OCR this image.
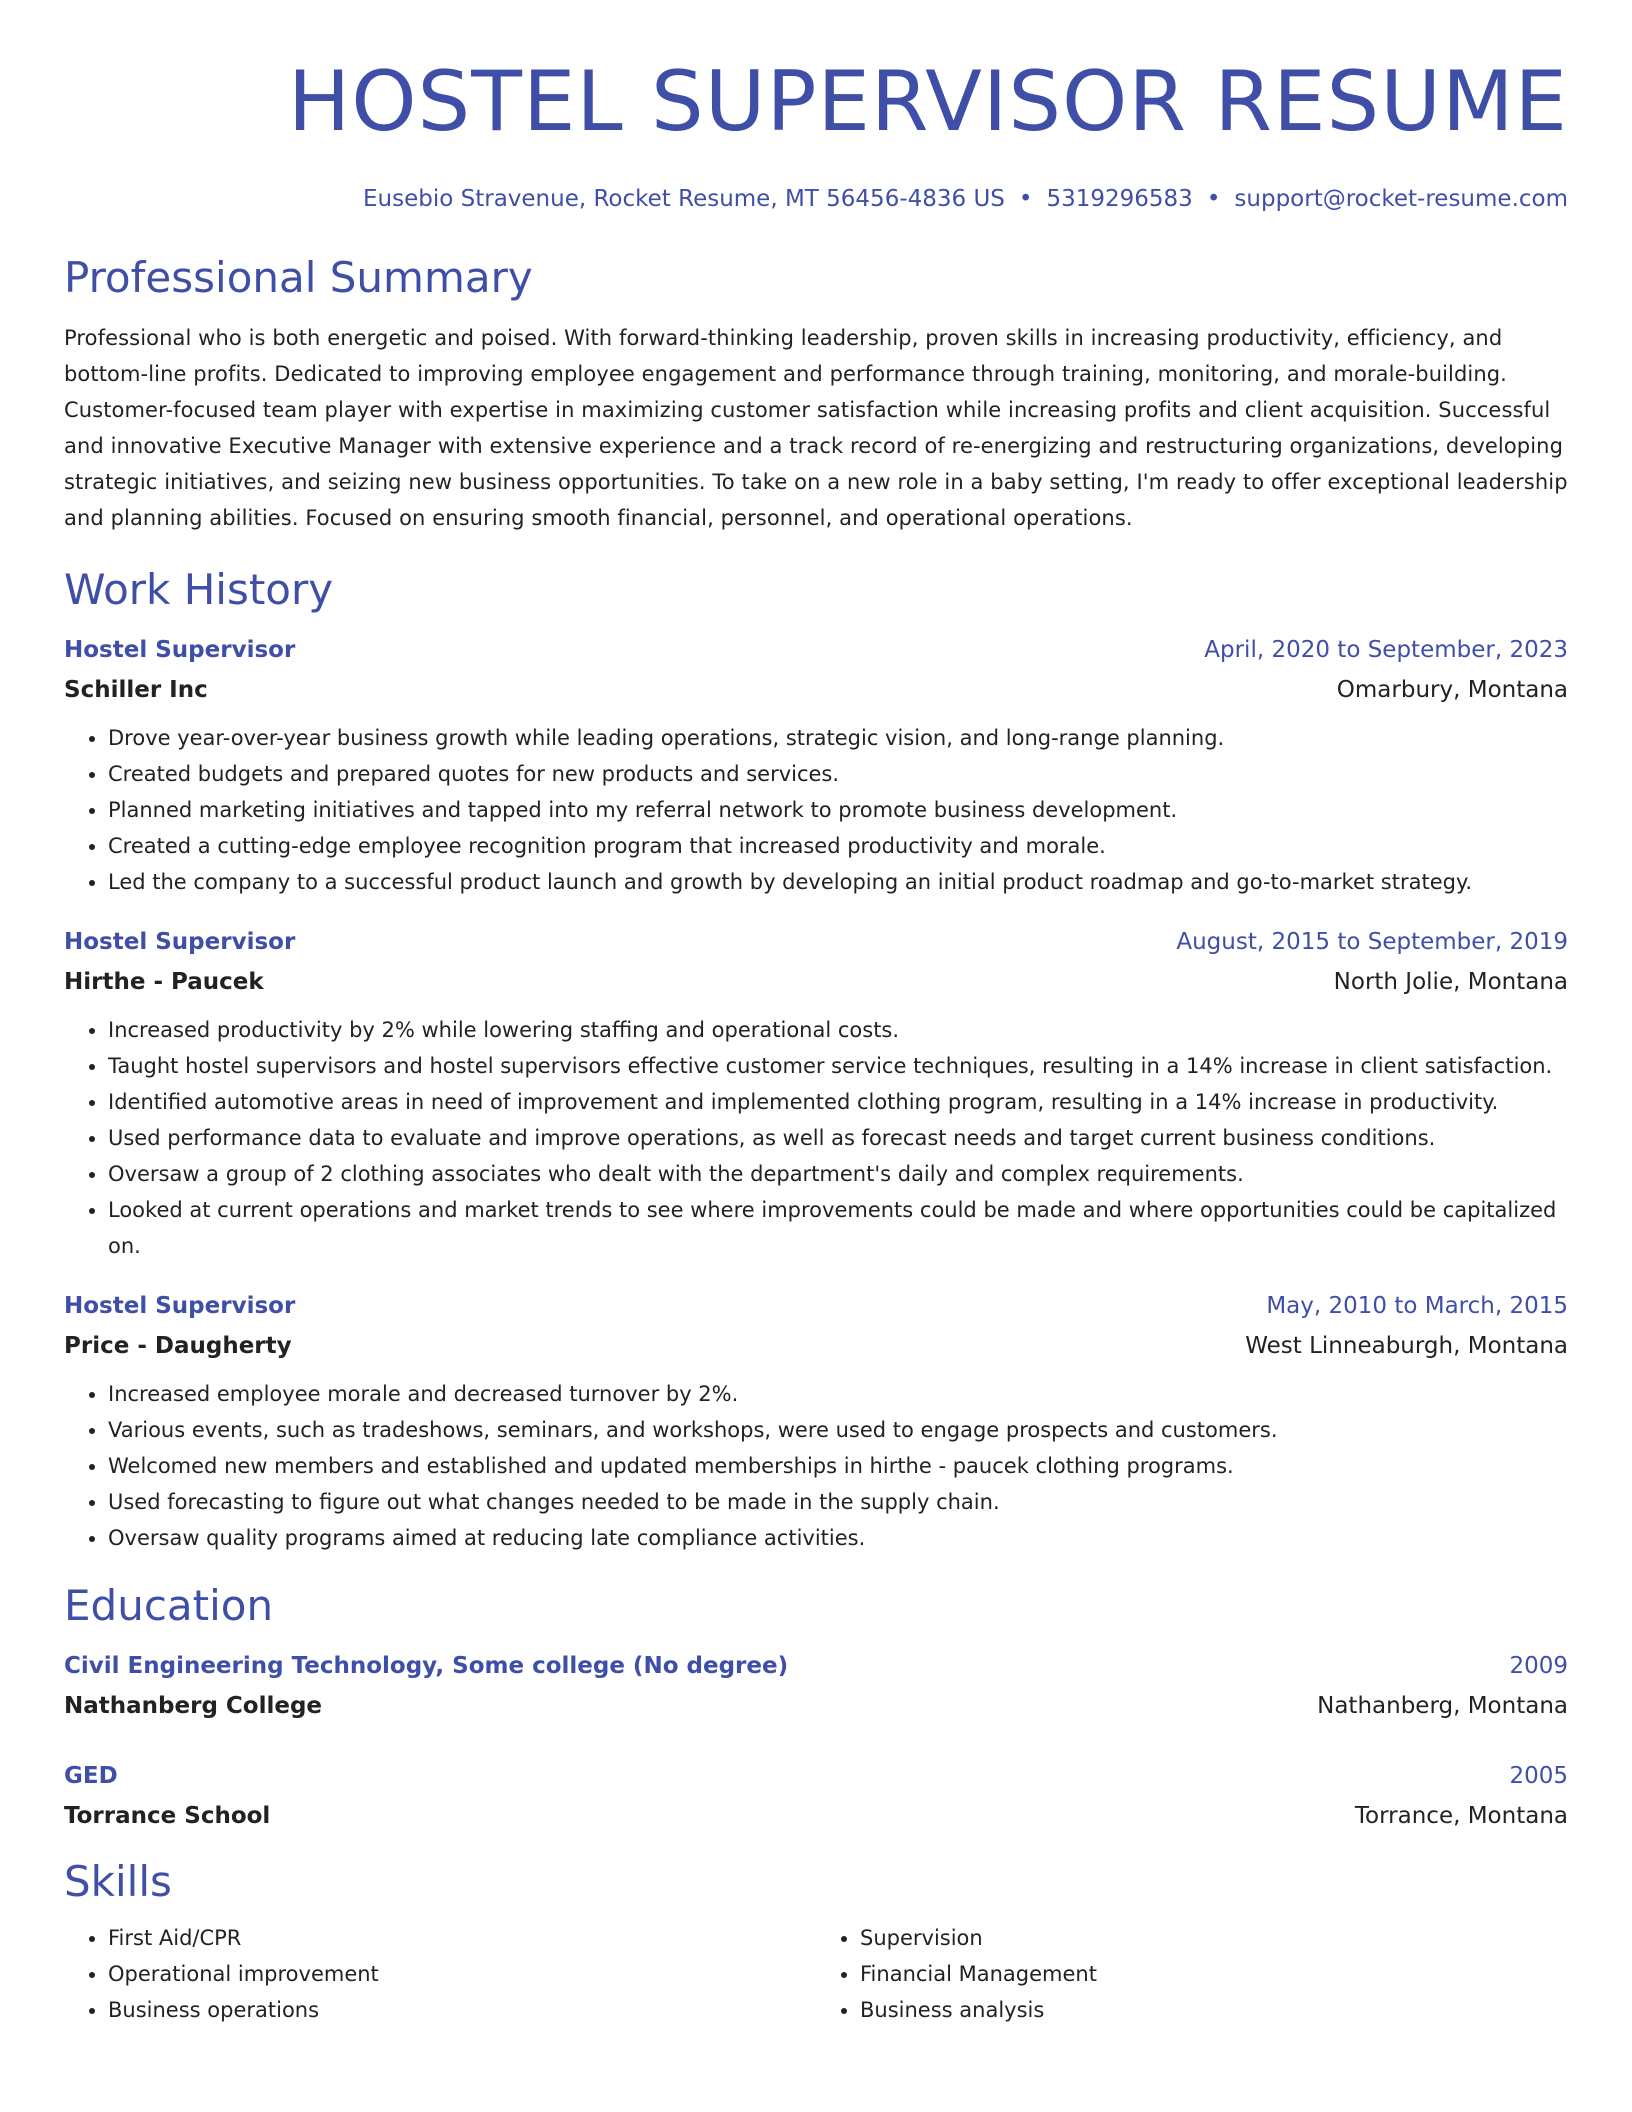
HOSTEL SUPERVISOR RESUME
Eusebio Stravenue, Rocket Resume, MT 56456-4836 US • 5319296583 • support@rocket-resume.com
Professional Summary

Professional who is both energetic and poised. With forward-thinking leadership, proven skills in increasing productivity, efficiency, and bottom-line profits. Dedicated to improving employee engagement and performance through training, monitoring, and morale-building. Customer-focused team player with expertise in maximizing customer satisfaction while increasing profits and client acquisition. Successful and innovative Executive Manager with extensive experience and a track record of re-energizing and restructuring organizations, developing strategic initiatives, and seizing new business opportunities. To take on a new role in a baby setting, I'm ready to offer exceptional leadership and planning abilities. Focused on ensuring smooth financial, personnel, and operational operations.

Work History
Hostel Supervisor	April, 2020 to September, 2023
Schiller Inc	Omarbury, Montana
• Drove year-over-year business growth while leading operations, strategic vision, and long-range planning.
• Created budgets and prepared quotes for new products and services.
• Planned marketing initiatives and tapped into my referral network to promote business development.
• Created a cutting-edge employee recognition program that increased productivity and morale.
• Led the company to a successful product launch and growth by developing an initial product roadmap and go-to-market strategy.
Hostel Supervisor	August, 2015 to September, 2019
Hirthe - Paucek	North Jolie, Montana
• Increased productivity by 2% while lowering staffing and operational costs.
• Taught hostel supervisors and hostel supervisors effective customer service techniques, resulting in a 14% increase in client satisfaction.
• Identified automotive areas in need of improvement and implemented clothing program, resulting in a 14% increase in productivity.
• Used performance data to evaluate and improve operations, as well as forecast needs and target current business conditions.
• Oversaw a group of 2 clothing associates who dealt with the department's daily and complex requirements.
• Looked at current operations and market trends to see where improvements could be made and where opportunities could be capitalized on.
Hostel Supervisor	May, 2010 to March, 2015
Price - Daugherty	West Linneaburgh, Montana
• Increased employee morale and decreased turnover by 2%.
• Various events, such as tradeshows, seminars, and workshops, were used to engage prospects and customers.
• Welcomed new members and established and updated memberships in hirthe - paucek clothing programs.
• Used forecasting to figure out what changes needed to be made in the supply chain.
• Oversaw quality programs aimed at reducing late compliance activities.
Education
Civil Engineering Technology, Some college (No degree)	2009
Nathanberg College	Nathanberg, Montana
GED	2005
Torrance School	Torrance, Montana
Skills
• First Aid/CPR
• Operational improvement
• Business operations
• Supervision
• Financial Management
• Business analysis
